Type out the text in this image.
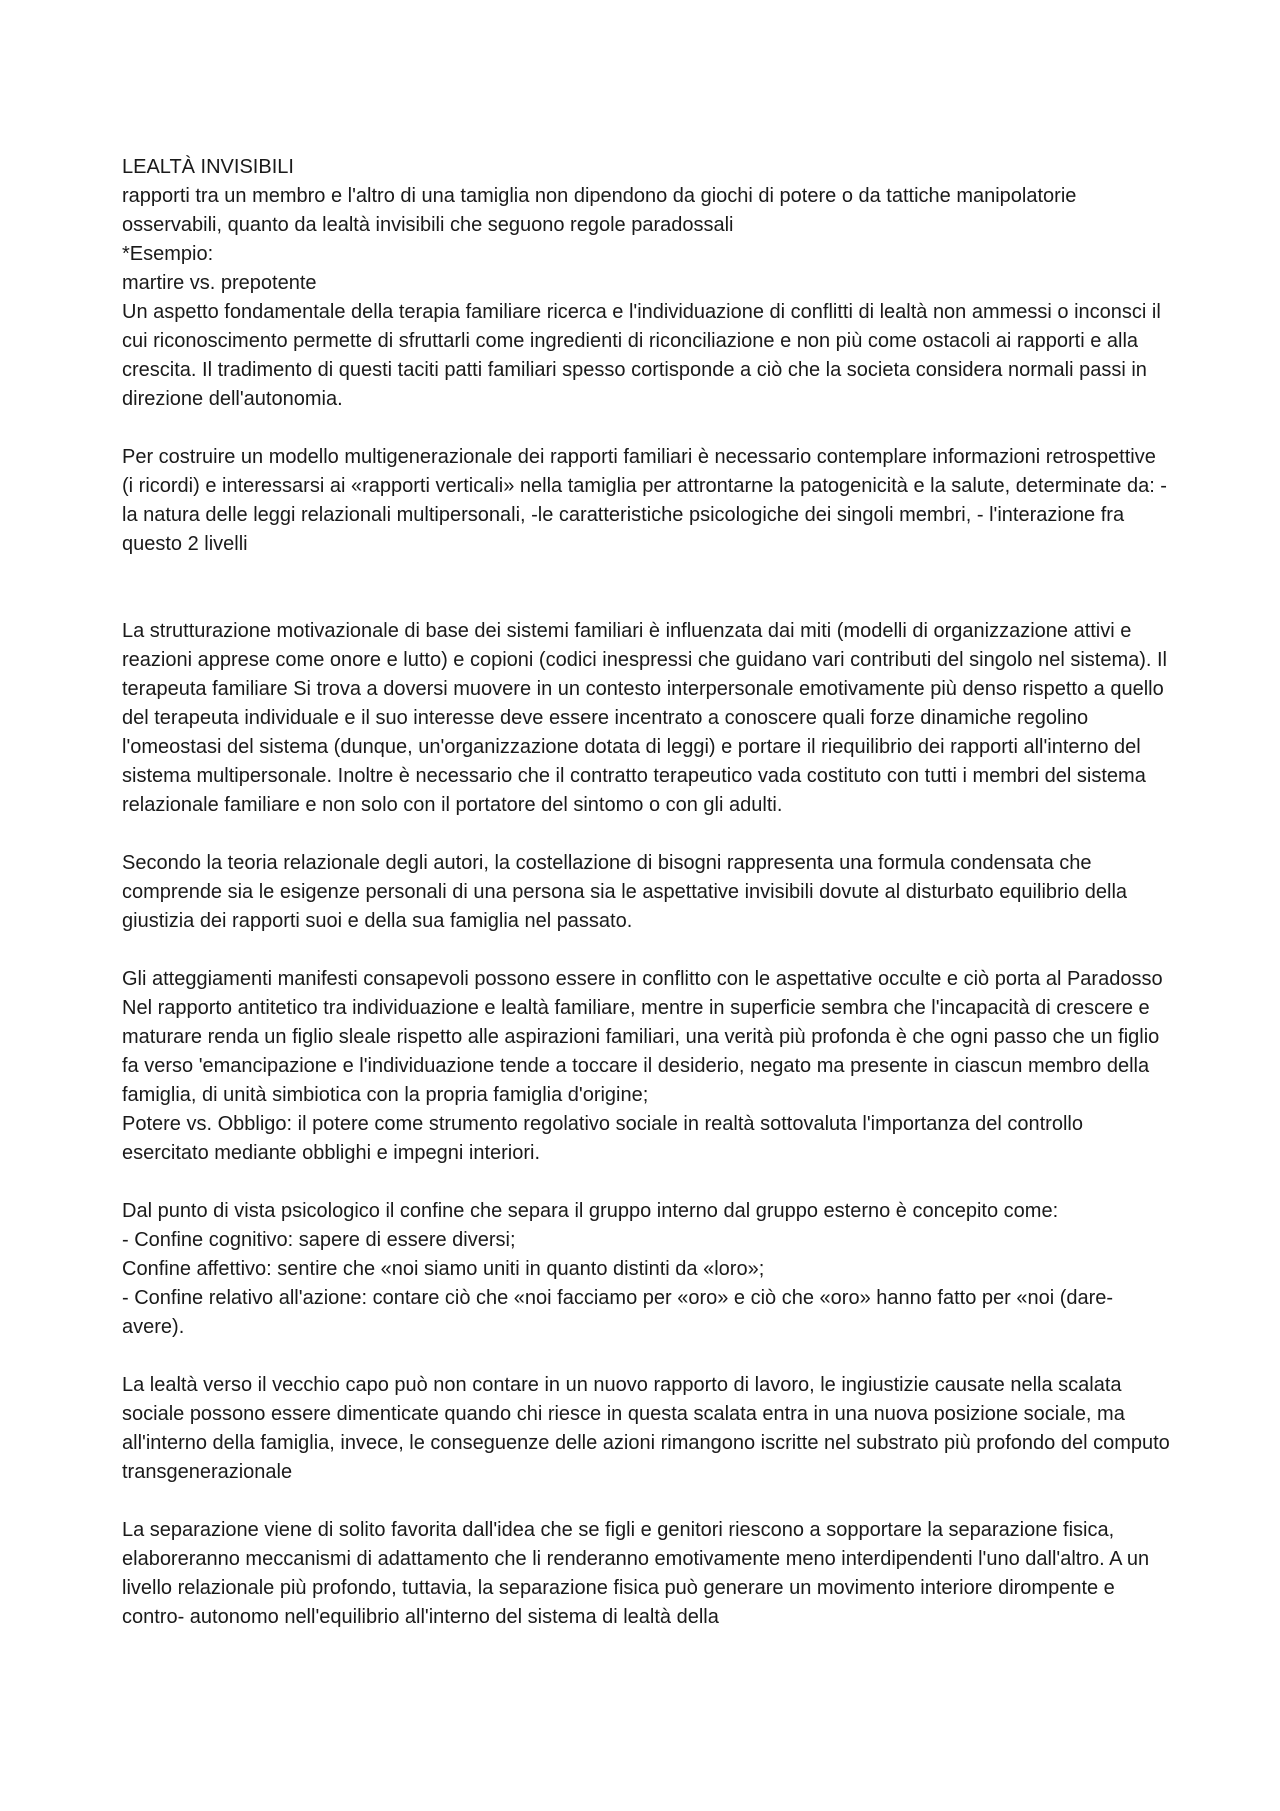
LEALTÀ INVISIBILI

rapporti tra un membro e l'altro di una tamiglia non dipendono da giochi di potere o da tattiche manipolatorie osservabili, quanto da lealtà invisibili che seguono regole paradossali

*Esempio:

martire vs. prepotente

Un aspetto fondamentale della terapia familiare ricerca e l'individuazione di conflitti di lealtà non ammessi o inconsci il cui riconoscimento permette di sfruttarli come ingredienti di riconciliazione e non più come ostacoli ai rapporti e alla crescita. Il tradimento di questi taciti patti familiari spesso cortisponde a ciò che la societa considera normali passi in direzione dell'autonomia.

Per costruire un modello multigenerazionale dei rapporti familiari è necessario contemplare informazioni retrospettive (i ricordi) e interessarsi ai «rapporti verticali» nella tamiglia per attrontarne la patogenicità e la salute, determinate da: -la natura delle leggi relazionali multipersonali, -le caratteristiche psicologiche dei singoli membri, - l'interazione fra questo 2 livelli

La strutturazione motivazionale di base dei sistemi familiari è influenzata dai miti (modelli di organizzazione attivi e reazioni apprese come onore e lutto) e copioni (codici inespressi che guidano vari contributi del singolo nel sistema). Il terapeuta familiare Si trova a doversi muovere in un contesto interpersonale emotivamente più denso rispetto a quello del terapeuta individuale e il suo interesse deve essere incentrato a conoscere quali forze dinamiche regolino l'omeostasi del sistema (dunque, un'organizzazione dotata di leggi) e portare il riequilibrio dei rapporti all'interno del sistema multipersonale. Inoltre è necessario che il contratto terapeutico vada costituto con tutti i membri del sistema relazionale familiare e non solo con il portatore del sintomo o con gli adulti.

Secondo la teoria relazionale degli autori, la costellazione di bisogni rappresenta una formula condensata che comprende sia le esigenze personali di una persona sia le aspettative invisibili dovute al disturbato equilibrio della giustizia dei rapporti suoi e della sua famiglia nel passato.

Gli atteggiamenti manifesti consapevoli possono essere in conflitto con le aspettative occulte e ciò porta al Paradosso Nel rapporto antitetico tra individuazione e lealtà familiare, mentre in superficie sembra che l'incapacità di crescere e maturare renda un figlio sleale rispetto alle aspirazioni familiari, una verità più profonda è che ogni passo che un figlio fa verso 'emancipazione e l'individuazione tende a toccare il desiderio, negato ma presente in ciascun membro della famiglia, di unità simbiotica con la propria famiglia d'origine;

Potere vs. Obbligo: il potere come strumento regolativo sociale in realtà sottovaluta l'importanza del controllo esercitato mediante obblighi e impegni interiori.

Dal punto di vista psicologico il confine che separa il gruppo interno dal gruppo esterno è concepito come:

- Confine cognitivo: sapere di essere diversi;

Confine affettivo: sentire che «noi siamo uniti in quanto distinti da «loro»;

- Confine relativo all'azione: contare ciò che «noi facciamo per «oro» e ciò che «oro» hanno fatto per «noi (dare-avere).

La lealtà verso il vecchio capo può non contare in un nuovo rapporto di lavoro, le ingiustizie causate nella scalata sociale possono essere dimenticate quando chi riesce in questa scalata entra in una nuova posizione sociale, ma all'interno della famiglia, invece, le conseguenze delle azioni rimangono iscritte nel substrato più profondo del computo transgenerazionale

La separazione viene di solito favorita dall'idea che se figli e genitori riescono a sopportare la separazione fisica, elaboreranno meccanismi di adattamento che li renderanno emotivamente meno interdipendenti l'uno dall'altro. A un livello relazionale più profondo, tuttavia, la separazione fisica può generare un movimento interiore dirompente e contro- autonomo nell'equilibrio all'interno del sistema di lealtà della
